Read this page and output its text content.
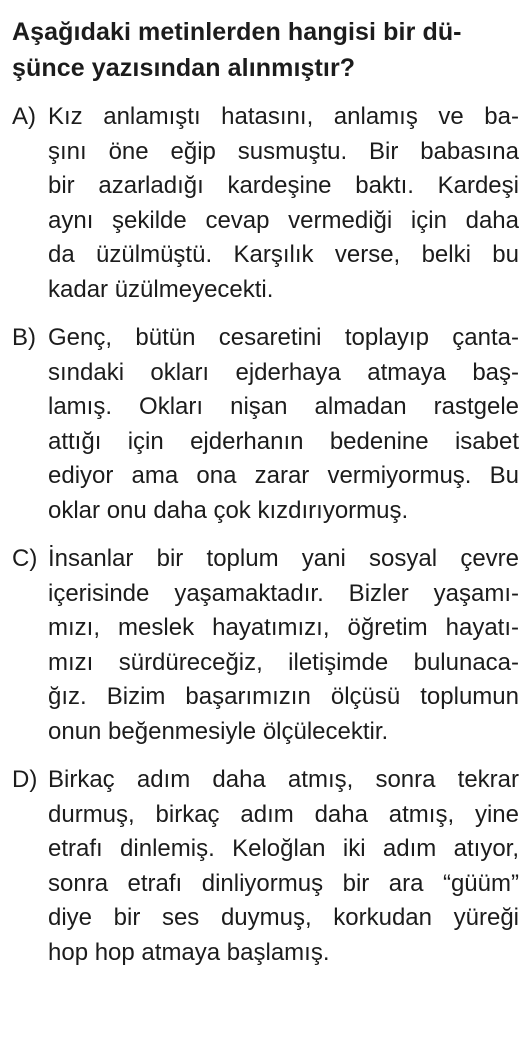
Aşağıdaki metinlerden hangisi bir dü-
şünce yazısından alınmıştır?
A) Kız anlamıştı hatasını, anlamış ve ba-
şını öne eğip susmuştu. Bir babasına
bir azarladığı kardeşine baktı. Kardeşi
aynı şekilde cevap vermediği için daha
da üzülmüştü. Karşılık verse, belki bu
kadar üzülmeyecekti.
B) Genç, bütün cesaretini toplayıp çanta-
sındaki okları ejderhaya atmaya baş-
lamış. Okları nişan almadan rastgele
attığı için ejderhanın bedenine isabet
ediyor ama ona zarar vermiyormuş. Bu
oklar onu daha çok kızdırıyormuş.
C) İnsanlar bir toplum yani sosyal çevre
içerisinde yaşamaktadır. Bizler yaşamı-
mızı, meslek hayatımızı, öğretim hayatı-
mızı sürdüreceğiz, iletişimde bulunaca-
ğız. Bizim başarımızın ölçüsü toplumun
onun beğenmesiyle ölçülecektir.
D) Birkaç adım daha atmış, sonra tekrar
durmuş, birkaç adım daha atmış, yine
etrafı dinlemiş. Keloğlan iki adım atıyor,
sonra etrafı dinliyormuş bir ara “güüm”
diye bir ses duymuş, korkudan yüreği
hop hop atmaya başlamış.
